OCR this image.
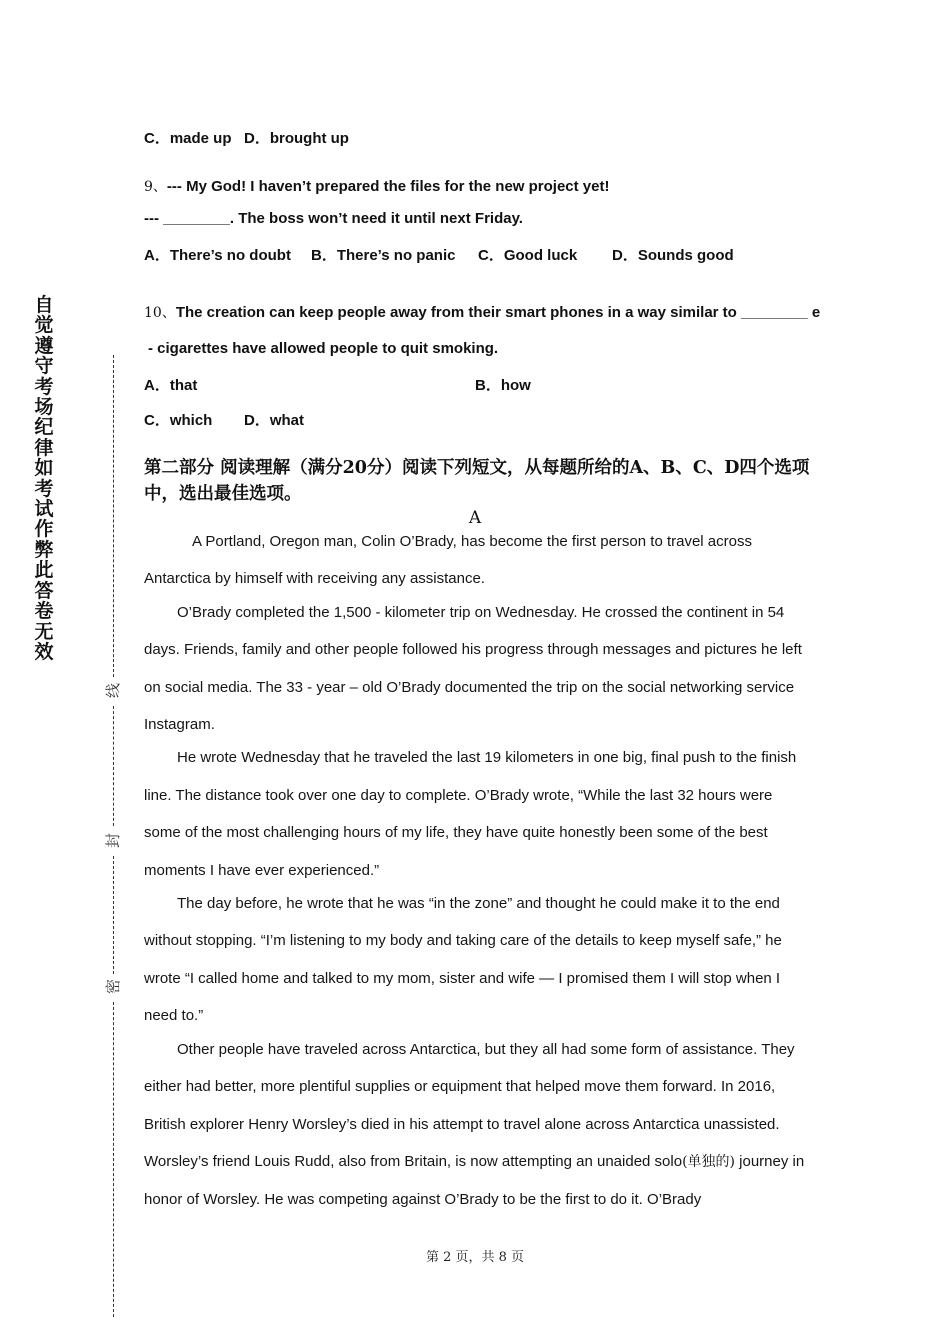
自觉遵守考场纪律如考试作弊此答卷无效
线
封
密
C．made up D．brought up
9、--- My God! I haven’t prepared the files for the new project yet!
--- ________. The boss won’t need it until next Friday.
A．There’s no doubt B．There’s no panic C．Good luck D．Sounds good
10、The creation can keep people away from their smart phones in a way similar to ________ e
- cigarettes have allowed people to quit smoking.
A．that	B．how
C．which D．what
第二部分 阅读理解（满分20分）阅读下列短文，从每题所给的A、B、C、D四个选项中，选出最佳选项。
A

A Portland, Oregon man, Colin O’Brady, has become the first person to travel across Antarctica by himself with receiving any assistance.

O’Brady completed the 1,500 - kilometer trip on Wednesday. He crossed the continent in 54 days. Friends, family and other people followed his progress through messages and pictures he left on social media. The 33 - year – old O’Brady documented the trip on the social networking service Instagram.

He wrote Wednesday that he traveled the last 19 kilometers in one big, final push to the finish line. The distance took over one day to complete. O’Brady wrote, “While the last 32 hours were some of the most challenging hours of my life, they have quite honestly been some of the best moments I have ever experienced.”

The day before, he wrote that he was “in the zone” and thought he could make it to the end without stopping. “I’m listening to my body and taking care of the details to keep myself safe,” he wrote “I called home and talked to my mom, sister and wife — I promised them I will stop when I need to.”

Other people have traveled across Antarctica, but they all had some form of assistance. They either had better, more plentiful supplies or equipment that helped move them forward. In 2016, British explorer Henry Worsley’s died in his attempt to travel alone across Antarctica unassisted. Worsley’s friend Louis Rudd, also from Britain, is now attempting an unaided solo(单独的) journey in honor of Worsley. He was competing against O’Brady to be the first to do it. O’Brady

第 2 页，共 8 页
